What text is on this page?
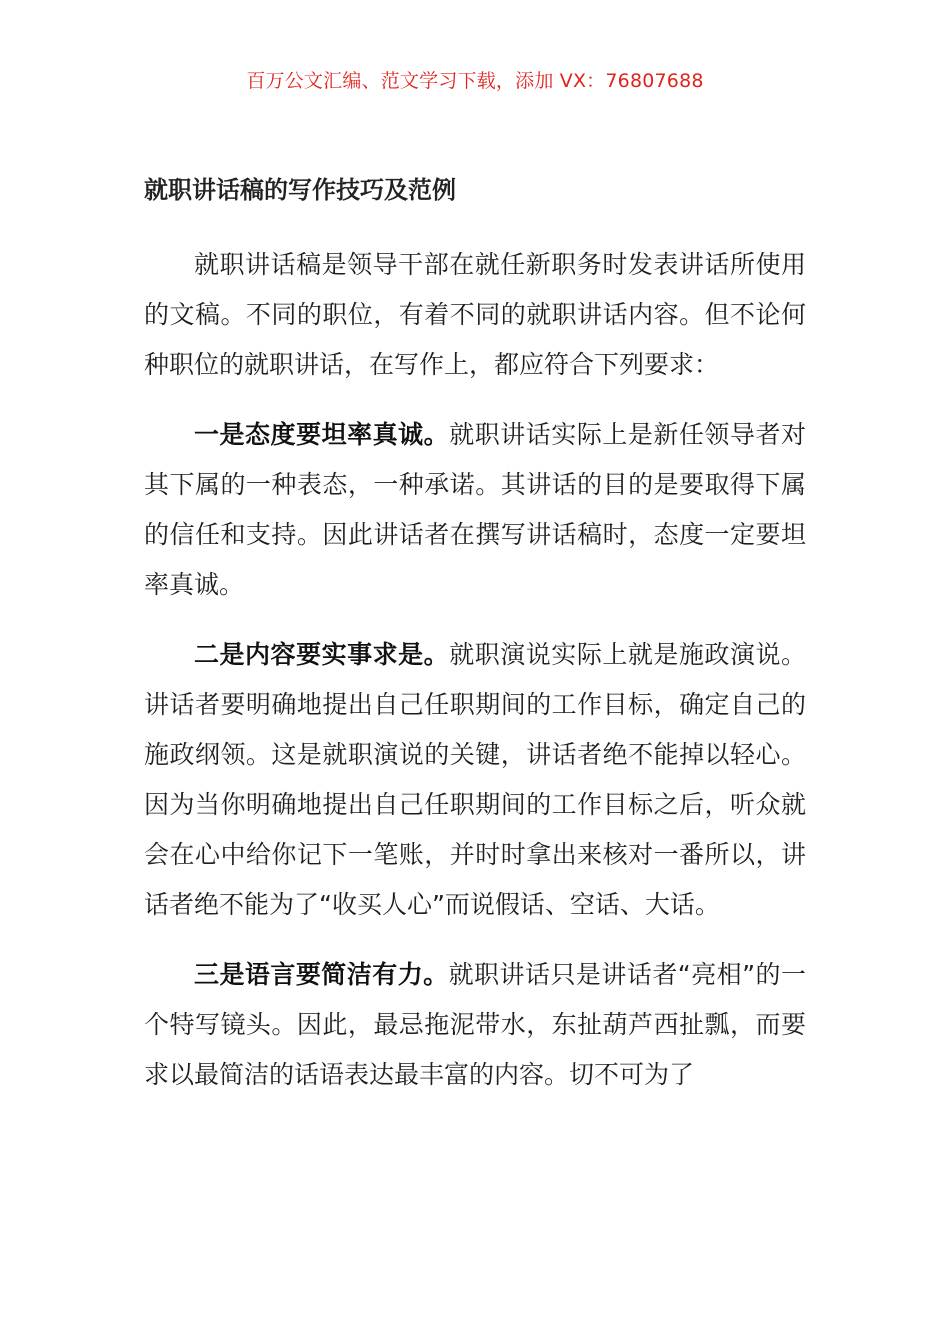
百万公文汇编、范文学习下载，添加 VX：76807688
就职讲话稿的写作技巧及范例

就职讲话稿是领导干部在就任新职务时发表讲话所使用的文稿。不同的职位，有着不同的就职讲话内容。但不论何种职位的就职讲话，在写作上，都应符合下列要求：

一是态度要坦率真诚。就职讲话实际上是新任领导者对其下属的一种表态，一种承诺。其讲话的目的是要取得下属的信任和支持。因此讲话者在撰写讲话稿时，态度一定要坦率真诚。

二是内容要实事求是。就职演说实际上就是施政演说。讲话者要明确地提出自己任职期间的工作目标，确定自己的施政纲领。这是就职演说的关键，讲话者绝不能掉以轻心。因为当你明确地提出自己任职期间的工作目标之后，听众就会在心中给你记下一笔账，并时时拿出来核对一番所以，讲话者绝不能为了“收买人心”而说假话、空话、大话。

三是语言要简洁有力。就职讲话只是讲话者“亮相”的一个特写镜头。因此，最忌拖泥带水，东扯葫芦西扯瓢，而要求以最简洁的话语表达最丰富的内容。切不可为了
